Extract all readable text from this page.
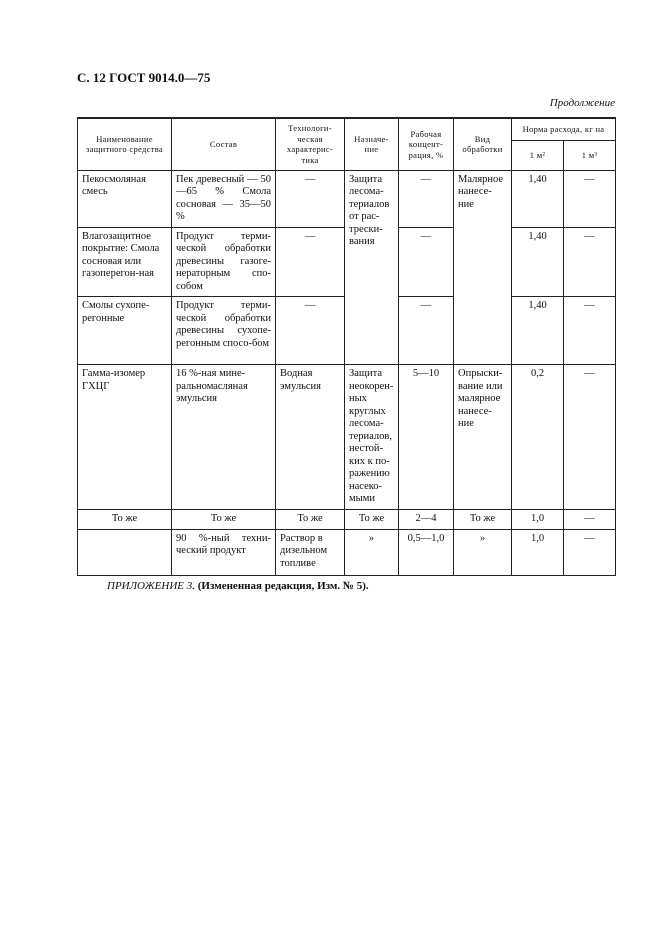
С. 12 ГОСТ 9014.0—75
Продолжение
Наименование защитного средства	Состав	Технологи-ческая характерис-тика	Назначе-ние	Рабочая концент-рация, %	Вид обработки	Норма расхода, кг на	
						1 м²	1 м³
Пекосмоляная смесь	Пек древесный — 50—65 % Смола сосновая — 35—50 %	—	Защита лесома-териалов от рас-трески-вания	—	Малярное нанесе-ние	1,40	—
Влагозащитное покрытие: Смола сосновая или газоперегон-ная	Продукт терми-ческой обработки древесины газоге-нераторным спо-собом	—		—		1,40	—
Смолы сухопе-регонные	Продукт терми-ческой обработки древесины сухопе-регонным спосо-бом	—		—		1,40	—
Гамма-изомер ГХЦГ	16 %-ная мине-ральномасляная эмульсия	Водная эмульсия	Защита неокорен-ных круглых лесома-териалов, нестой-ких к по-ражению насеко-мыми	5—10	Опрыски-вание или малярное нанесе-ние	0,2	—
То же	То же	То же	То же	2—4	То же	1,0	—
	90 %-ный техни-ческий продукт	Раствор в дизельном топливе	»	0,5—1,0	»	1,0	—
ПРИЛОЖЕНИЕ 3. (Измененная редакция, Изм. № 5).
